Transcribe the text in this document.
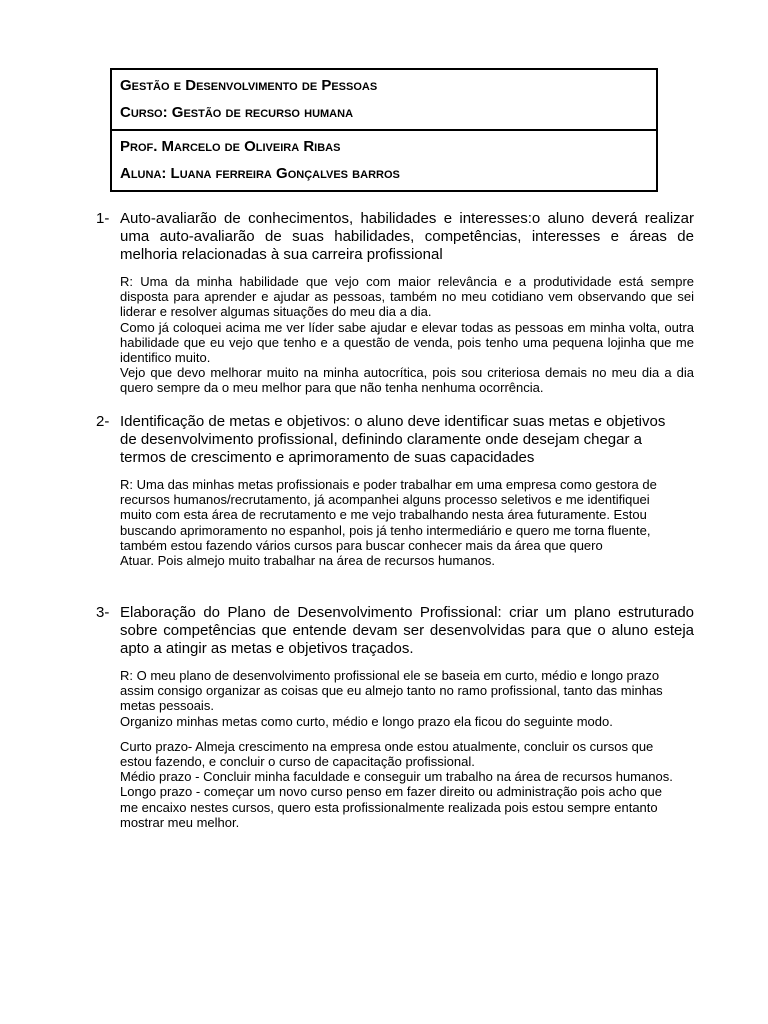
Gestão e Desenvolvimento de Pessoas
Curso: Gestão de recurso humana
Prof. Marcelo de Oliveira Ribas
Aluna: Luana ferreira Gonçalves barros
1- Auto-avaliarão de conhecimentos, habilidades e interesses:o aluno deverá realizar uma auto-avaliarão de suas habilidades, competências, interesses e áreas de melhoria relacionadas à sua carreira profissional
R: Uma da minha habilidade que vejo com maior relevância e a produtividade está sempre disposta para aprender e ajudar as pessoas, também no meu cotidiano vem observando que sei liderar e resolver algumas situações do meu dia a dia.
Como já coloquei acima me ver líder sabe ajudar e elevar todas as pessoas em minha volta, outra habilidade que eu vejo que tenho e a questão de venda, pois tenho uma pequena lojinha que me identifico muito.
Vejo que devo melhorar muito na minha autocrítica, pois sou criteriosa demais no meu dia a dia quero sempre da o meu melhor para que não tenha nenhuma ocorrência.
2- Identificação de metas e objetivos: o aluno deve identificar suas metas e objetivos de desenvolvimento profissional, definindo claramente onde desejam chegar a termos de crescimento e aprimoramento de suas capacidades
R: Uma das minhas metas profissionais e poder trabalhar em uma empresa como gestora de recursos humanos/recrutamento, já acompanhei alguns processo seletivos e me identifiquei muito com esta área de recrutamento e me vejo trabalhando nesta área futuramente. Estou buscando aprimoramento no espanhol, pois já tenho intermediário e quero me torna fluente, também estou fazendo vários cursos para buscar conhecer mais da área que quero
Atuar. Pois almejo muito trabalhar na área de recursos humanos.
3- Elaboração do Plano de Desenvolvimento Profissional: criar um plano estruturado sobre competências que entende devam ser desenvolvidas para que o aluno esteja apto a atingir as metas e objetivos traçados.
R: O meu plano de desenvolvimento profissional ele se baseia em curto, médio e longo prazo assim consigo organizar as coisas que eu almejo tanto no ramo profissional, tanto das minhas metas pessoais.
Organizo minhas metas como curto, médio e longo prazo ela ficou do seguinte modo.
Curto prazo- Almeja crescimento na empresa onde estou atualmente, concluir os cursos que estou fazendo, e concluir o curso de capacitação profissional.
Médio prazo - Concluir minha faculdade e conseguir um trabalho na área de recursos humanos.
Longo prazo - começar um novo curso penso em fazer direito ou administração pois acho que me encaixo nestes cursos, quero esta profissionalmente realizada pois estou sempre entanto mostrar meu melhor.
